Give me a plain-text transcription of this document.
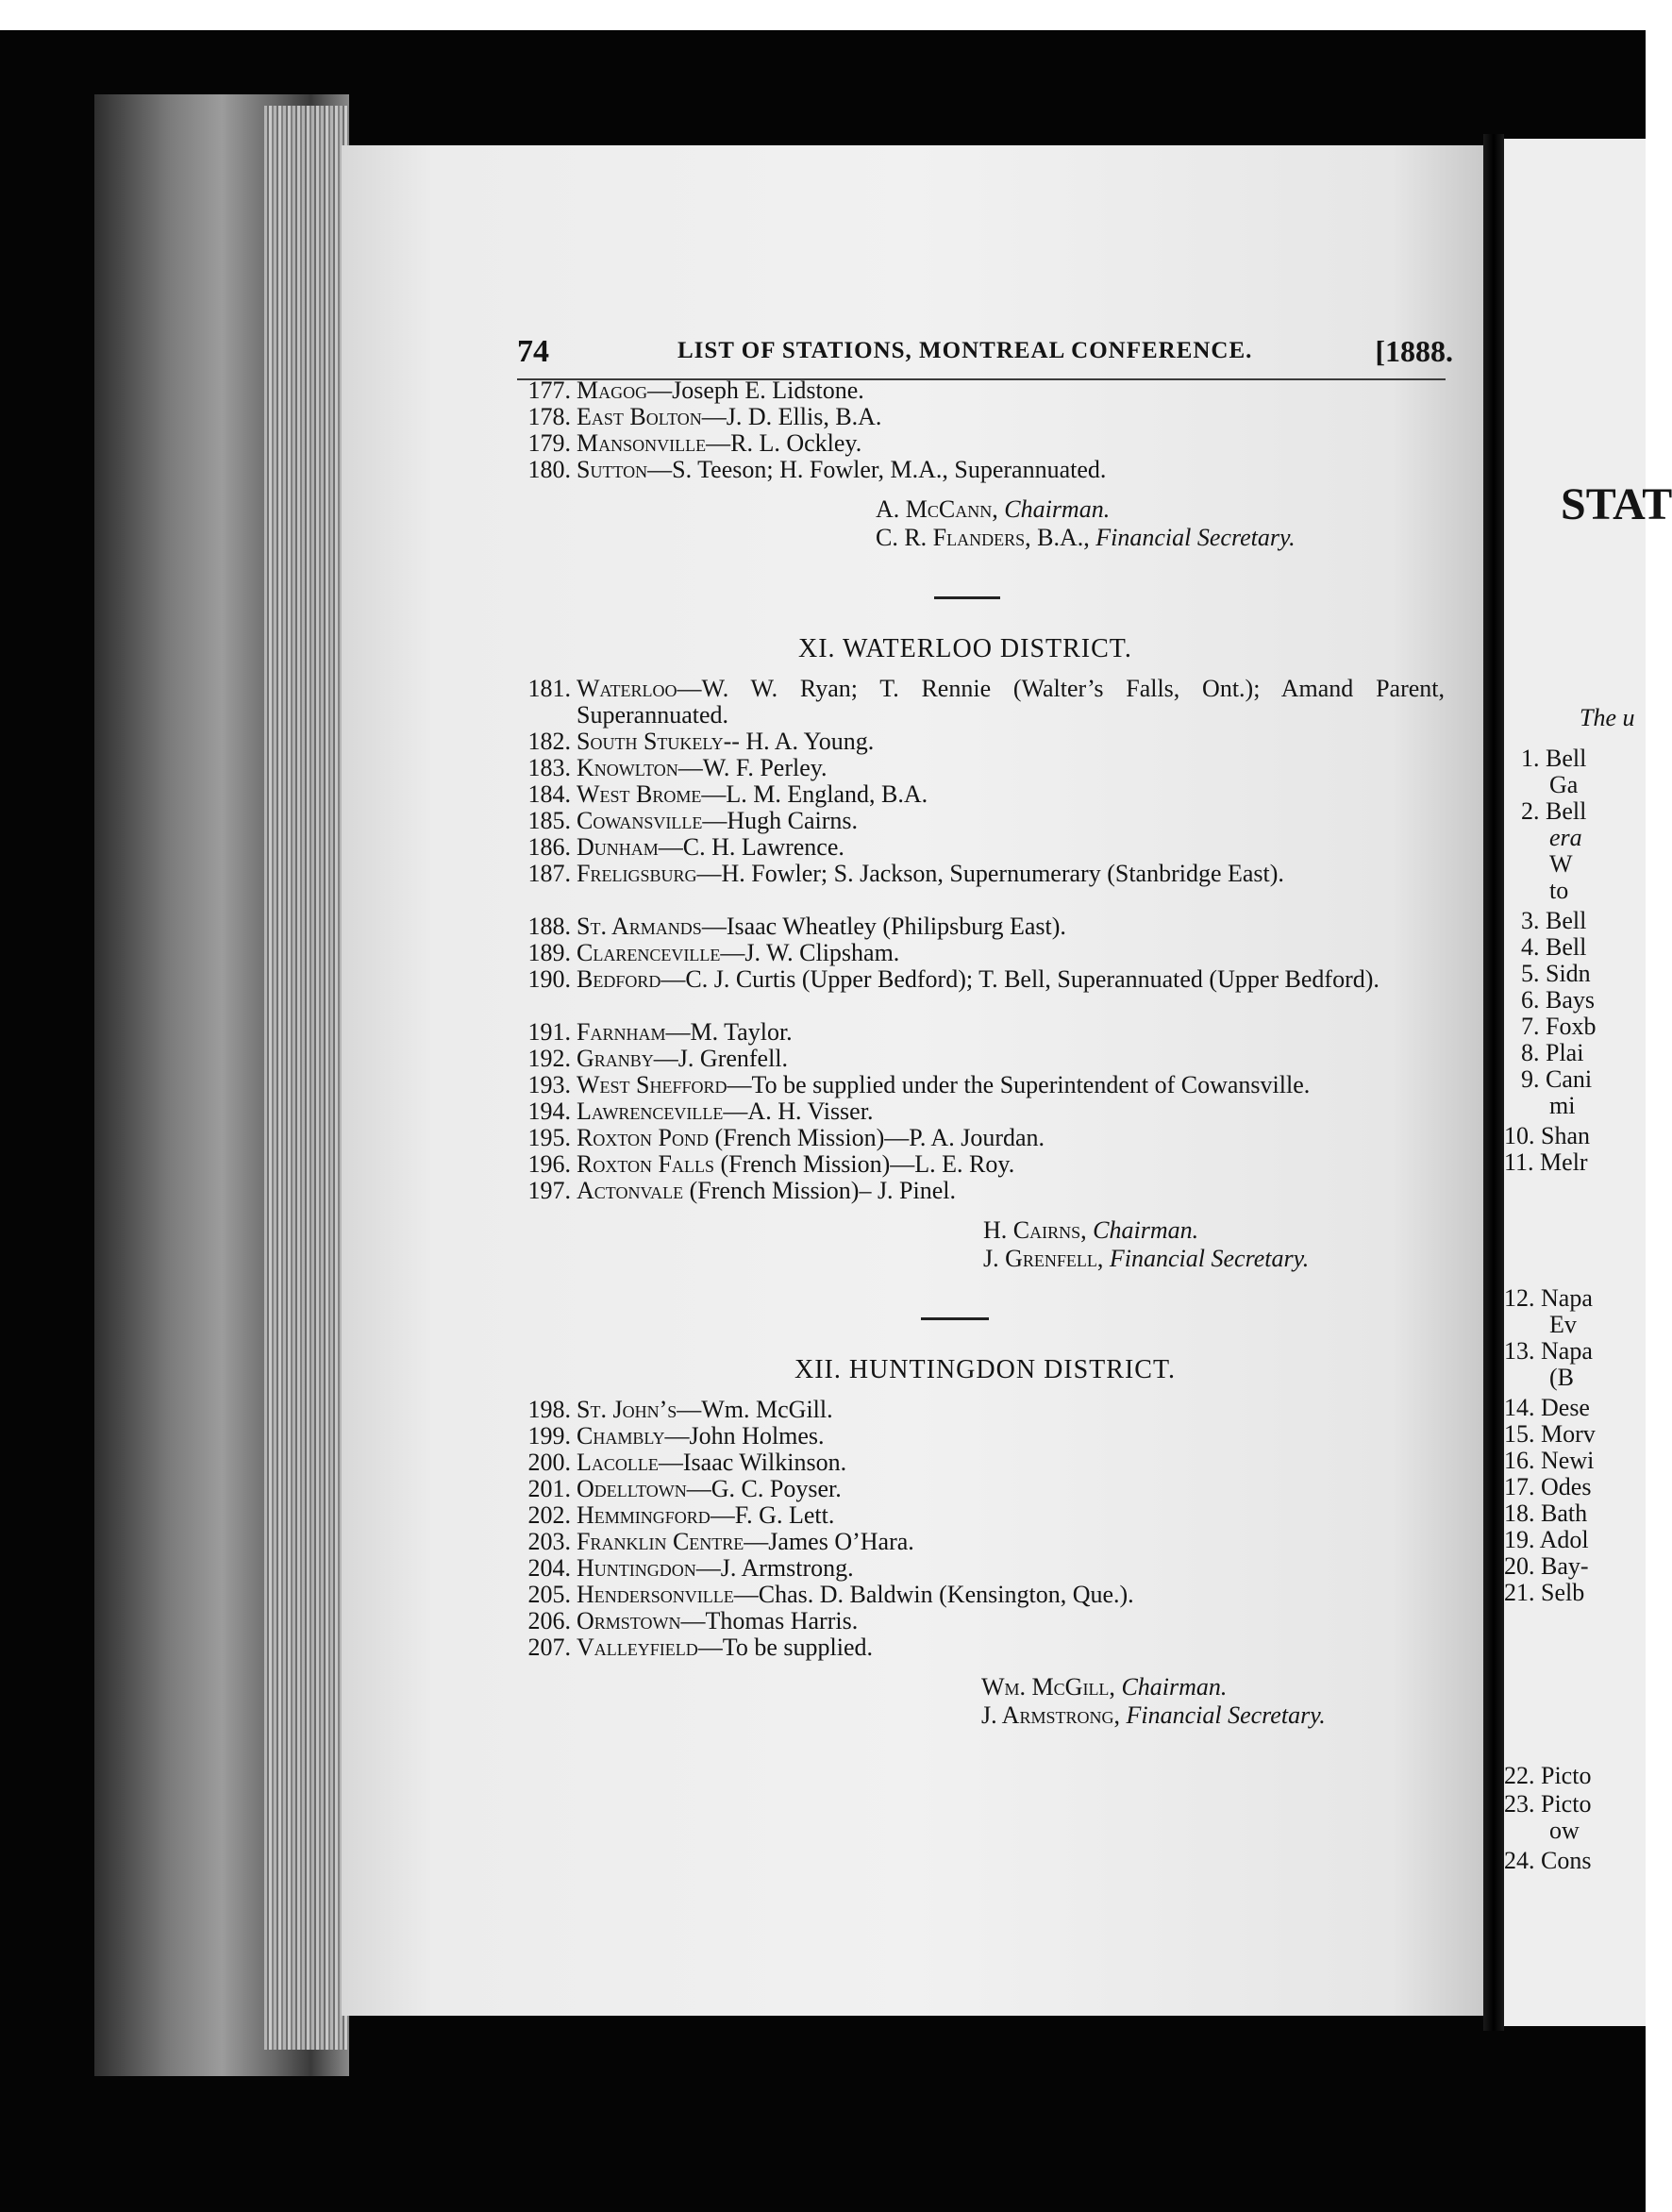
74	LIST OF STATIONS, MONTREAL CONFERENCE.	[1888.
177. Magog—Joseph E. Lidstone.
178. East Bolton—J. D. Ellis, B.A.
179. Mansonville—R. L. Ockley.
180. Sutton—S. Teeson; H. Fowler, M.A., Superannuated.
A. McCann, Chairman.
C. R. Flanders, B.A., Financial Secretary.
XI. WATERLOO DISTRICT.
181. Waterloo—W. W. Ryan; T. Rennie (Walter’s Falls, Ont.); Amand Parent, Superannuated.
182. South Stukely-- H. A. Young.
183. Knowlton—W. F. Perley.
184. West Brome—L. M. England, B.A.
185. Cowansville—Hugh Cairns.
186. Dunham—C. H. Lawrence.
187. Freligsburg—H. Fowler; S. Jackson, Supernumerary (Stanbridge East).
188. St. Armands—Isaac Wheatley (Philipsburg East).
189. Clarenceville—J. W. Clipsham.
190. Bedford—C. J. Curtis (Upper Bedford); T. Bell, Superannuated (Upper Bedford).
191. Farnham—M. Taylor.
192. Granby—J. Grenfell.
193. West Shefford—To be supplied under the Superintendent of Cowansville.
194. Lawrenceville—A. H. Visser.
195. Roxton Pond (French Mission)—P. A. Jourdan.
196. Roxton Falls (French Mission)—L. E. Roy.
197. Actonvale (French Mission)– J. Pinel.
H. Cairns, Chairman.
J. Grenfell, Financial Secretary.
XII. HUNTINGDON DISTRICT.
198. St. John’s—Wm. McGill.
199. Chambly—John Holmes.
200. Lacolle—Isaac Wilkinson.
201. Odelltown—G. C. Poyser.
202. Hemmingford—F. G. Lett.
203. Franklin Centre—James O’Hara.
204. Huntingdon—J. Armstrong.
205. Hendersonville—Chas. D. Baldwin (Kensington, Que.).
206. Ormstown—Thomas Harris.
207. Valleyfield—To be supplied.
Wm. McGill, Chairman.
J. Armstrong, Financial Secretary.
STAT
The u
1. Bell
Ga
2. Bell
era
W
to
3. Bell
4. Bell
5. Sidn
6. Bays
7. Foxb
8. Plai
9. Cani
mi
10. Shan
11. Melr
12. Napa
Ev
13. Napa
(B
14. Dese
15. Morv
16. Newi
17. Odes
18. Bath
19. Adol
20. Bay-
21. Selb
22. Picto
23. Picto
ow
24. Cons
